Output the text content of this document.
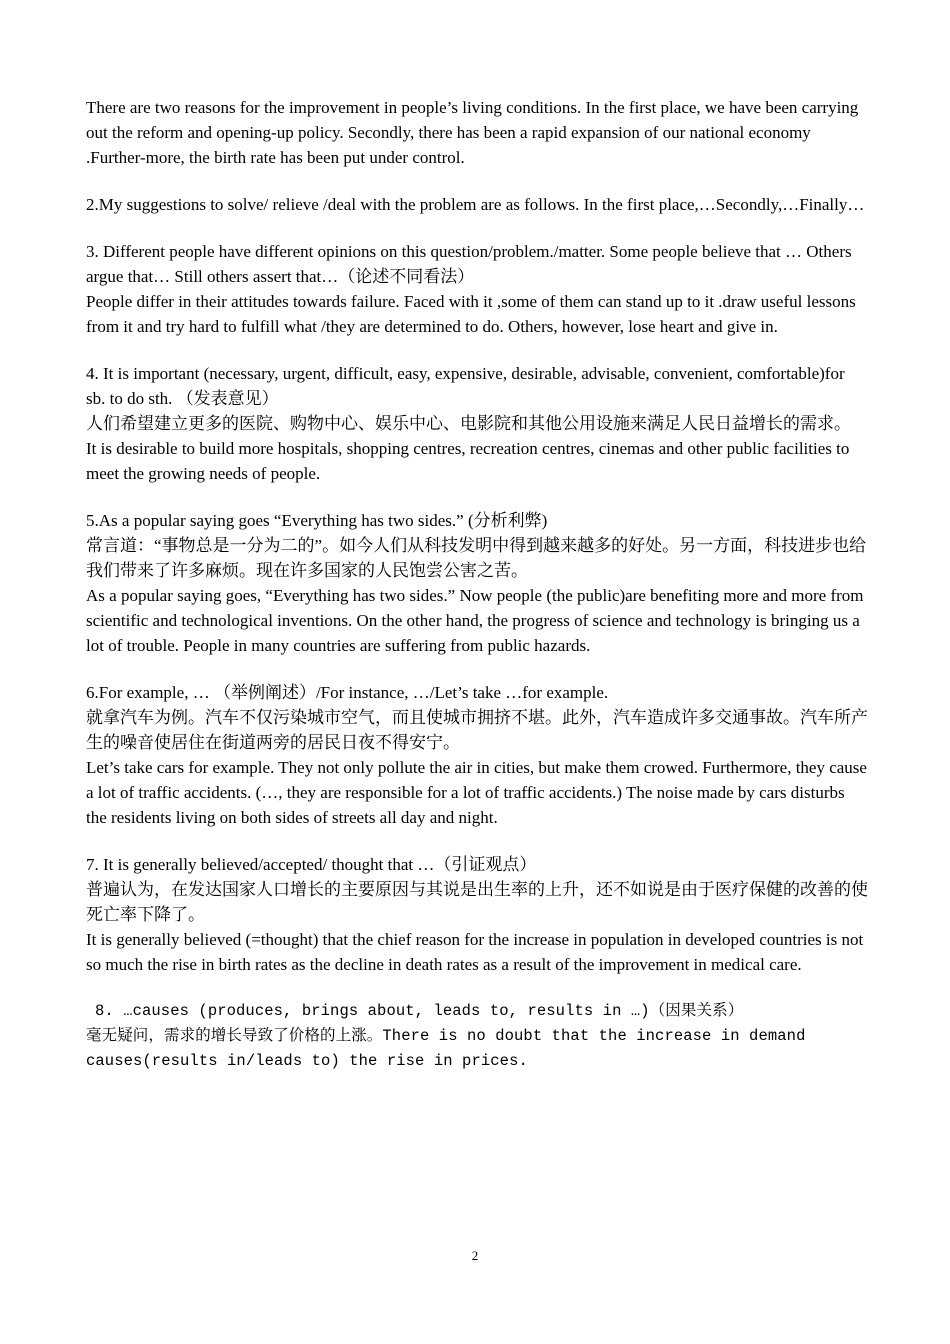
There are two reasons for the improvement in people’s living conditions. In the first place, we have been carrying out the reform and opening-up policy. Secondly, there has been a rapid expansion of our national economy .Further-more, the birth rate has been put under control.

2.My suggestions to solve/ relieve /deal with the problem are as follows. In the first place,…Secondly,…Finally…

3. Different people have different opinions on this question/problem./matter. Some people believe that … Others argue that… Still others assert that…（论述不同看法）

People differ in their attitudes towards failure. Faced with it ,some of them can stand up to it .draw useful lessons from it and try hard to fulfill what /they are determined to do. Others, however, lose heart and give in.

4. It is important (necessary, urgent, difficult, easy, expensive, desirable, advisable, convenient, comfortable)for sb. to do sth. （发表意见）

人们希望建立更多的医院、购物中心、娱乐中心、电影院和其他公用设施来满足人民日益增长的需求。

It is desirable to build more hospitals, shopping centres, recreation centres, cinemas and other public facilities to meet the growing needs of people.

5.As a popular saying goes “Everything has two sides.” (分析利弊)

常言道：“事物总是一分为二的”。如今人们从科技发明中得到越来越多的好处。另一方面，科技进步也给我们带来了许多麻烦。现在许多国家的人民饱尝公害之苦。

As a popular saying goes, “Everything has two sides.” Now people (the public)are benefiting more and more from scientific and technological inventions. On the other hand, the progress of science and technology is bringing us a lot of trouble. People in many countries are suffering from public hazards.

6.For example, … （举例阐述）/For instance, …/Let’s take …for example.

就拿汽车为例。汽车不仅污染城市空气，而且使城市拥挤不堪。此外，汽车造成许多交通事故。汽车所产生的噪音使居住在街道两旁的居民日夜不得安宁。

Let’s take cars for example. They not only pollute the air in cities, but make them crowed. Furthermore, they cause a lot of traffic accidents. (…, they are responsible for a lot of traffic accidents.) The noise made by cars disturbs the residents living on both sides of streets all day and night.

7. It is generally believed/accepted/ thought that …（引证观点）

普遍认为，在发达国家人口增长的主要原因与其说是出生率的上升，还不如说是由于医疗保健的改善的使死亡率下降了。

It is generally believed (=thought) that the chief reason for the increase in population in developed countries is not so much the rise in birth rates as the decline in death rates as a result of the improvement in medical care.

8. …causes (produces, brings about, leads to, results in …)（因果关系）

毫无疑问，需求的增长导致了价格的上涨。There is no doubt that the increase in demand causes(results in/leads to) the rise in prices.

2
